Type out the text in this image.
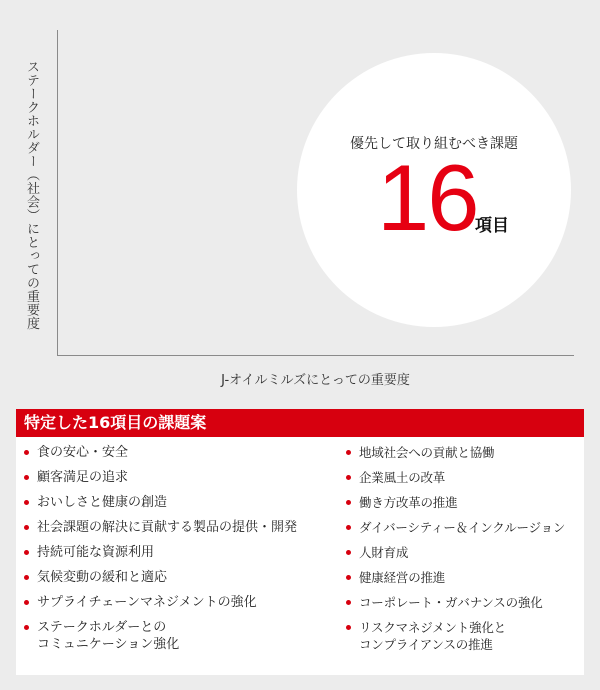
ステークホルダー（社会）にとっての重要度
J-オイルミルズにとっての重要度
優先して取り組むべき課題
16
項目
特定した16項目の課題案
食の安心・安全
顧客満足の追求
おいしさと健康の創造
社会課題の解決に貢献する製品の提供・開発
持続可能な資源利用
気候変動の緩和と適応
サプライチェーンマネジメントの強化
ステークホルダーとの
コミュニケーション強化
地域社会への貢献と協働
企業風土の改革
働き方改革の推進
ダイバーシティー＆インクルージョン
人財育成
健康経営の推進
コーポレート・ガバナンスの強化
リスクマネジメント強化と
コンプライアンスの推進
